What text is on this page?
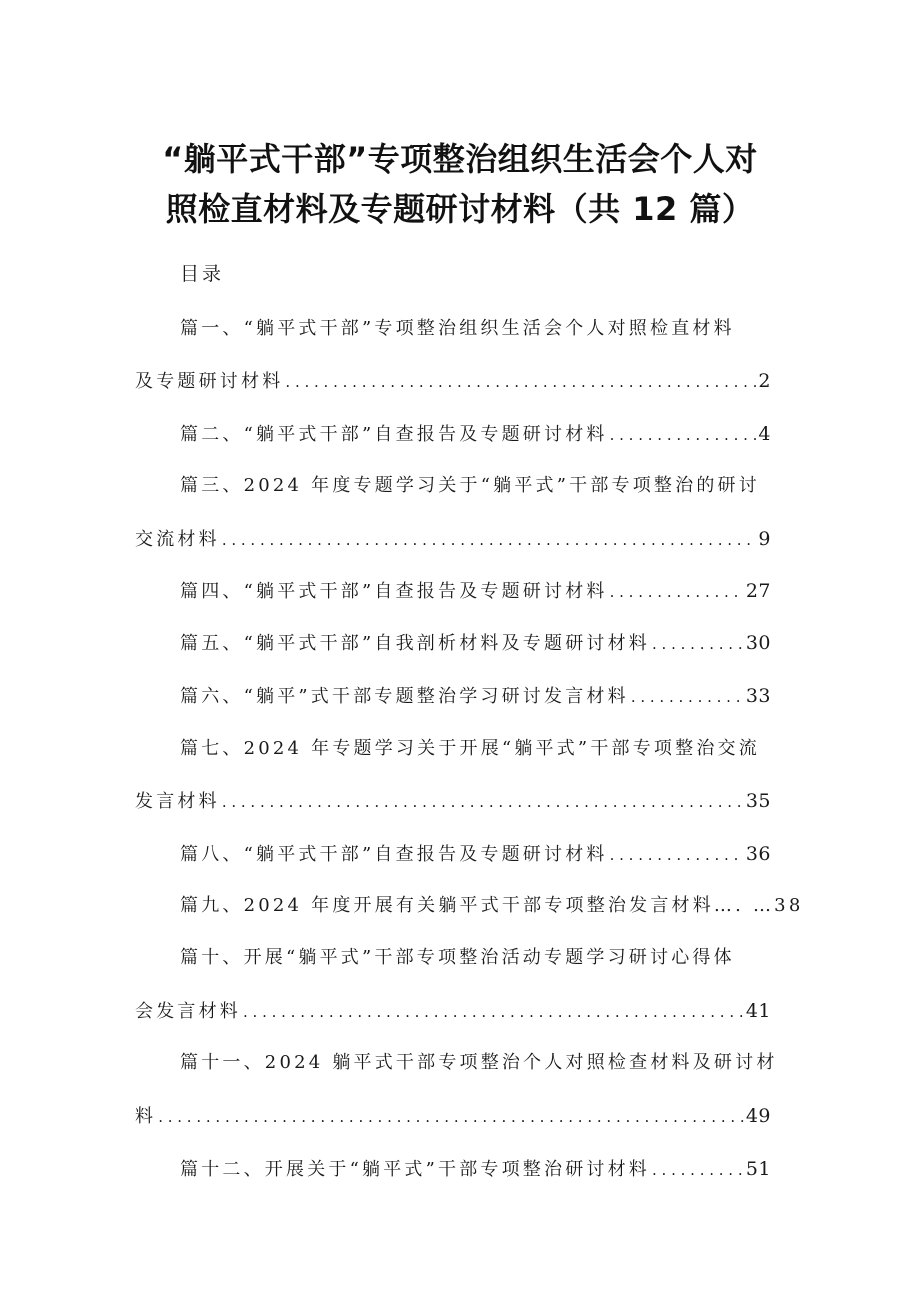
“躺平式干部”专项整治组织生活会个人对
照检直材料及专题研讨材料（共 12 篇）
目录
篇一、“躺平式干部”专项整治组织生活会个人对照检直材料
及专题研讨材料 . . .	2
篇二、“躺平式干部”自查报告及专题研讨材料 . . .	4
篇三、2024 年度专题学习关于“躺平式”干部专项整治的研讨
交流材料 . . .	9
篇四、“躺平式干部”自查报告及专题研讨材料 . . .	27
篇五、“躺平式干部”自我剖析材料及专题研讨材料 . . .	30
篇六、“躺平”式干部专题整治学习研讨发言材料 . . .	33
篇七、2024 年专题学习关于开展“躺平式”干部专项整治交流
发言材料 . . .	35
篇八、“躺平式干部”自查报告及专题研讨材料 . . .	36
篇九、2024 年度开展有关躺平式干部专项整治发言材料…. …38
篇十、开展“躺平式”干部专项整治活动专题学习研讨心得体
会发言材料 . . .	41
篇十一、2024 躺平式干部专项整治个人对照检查材料及研讨材
料 . . .	49
篇十二、开展关于“躺平式”干部专项整治研讨材料 . . .	51
